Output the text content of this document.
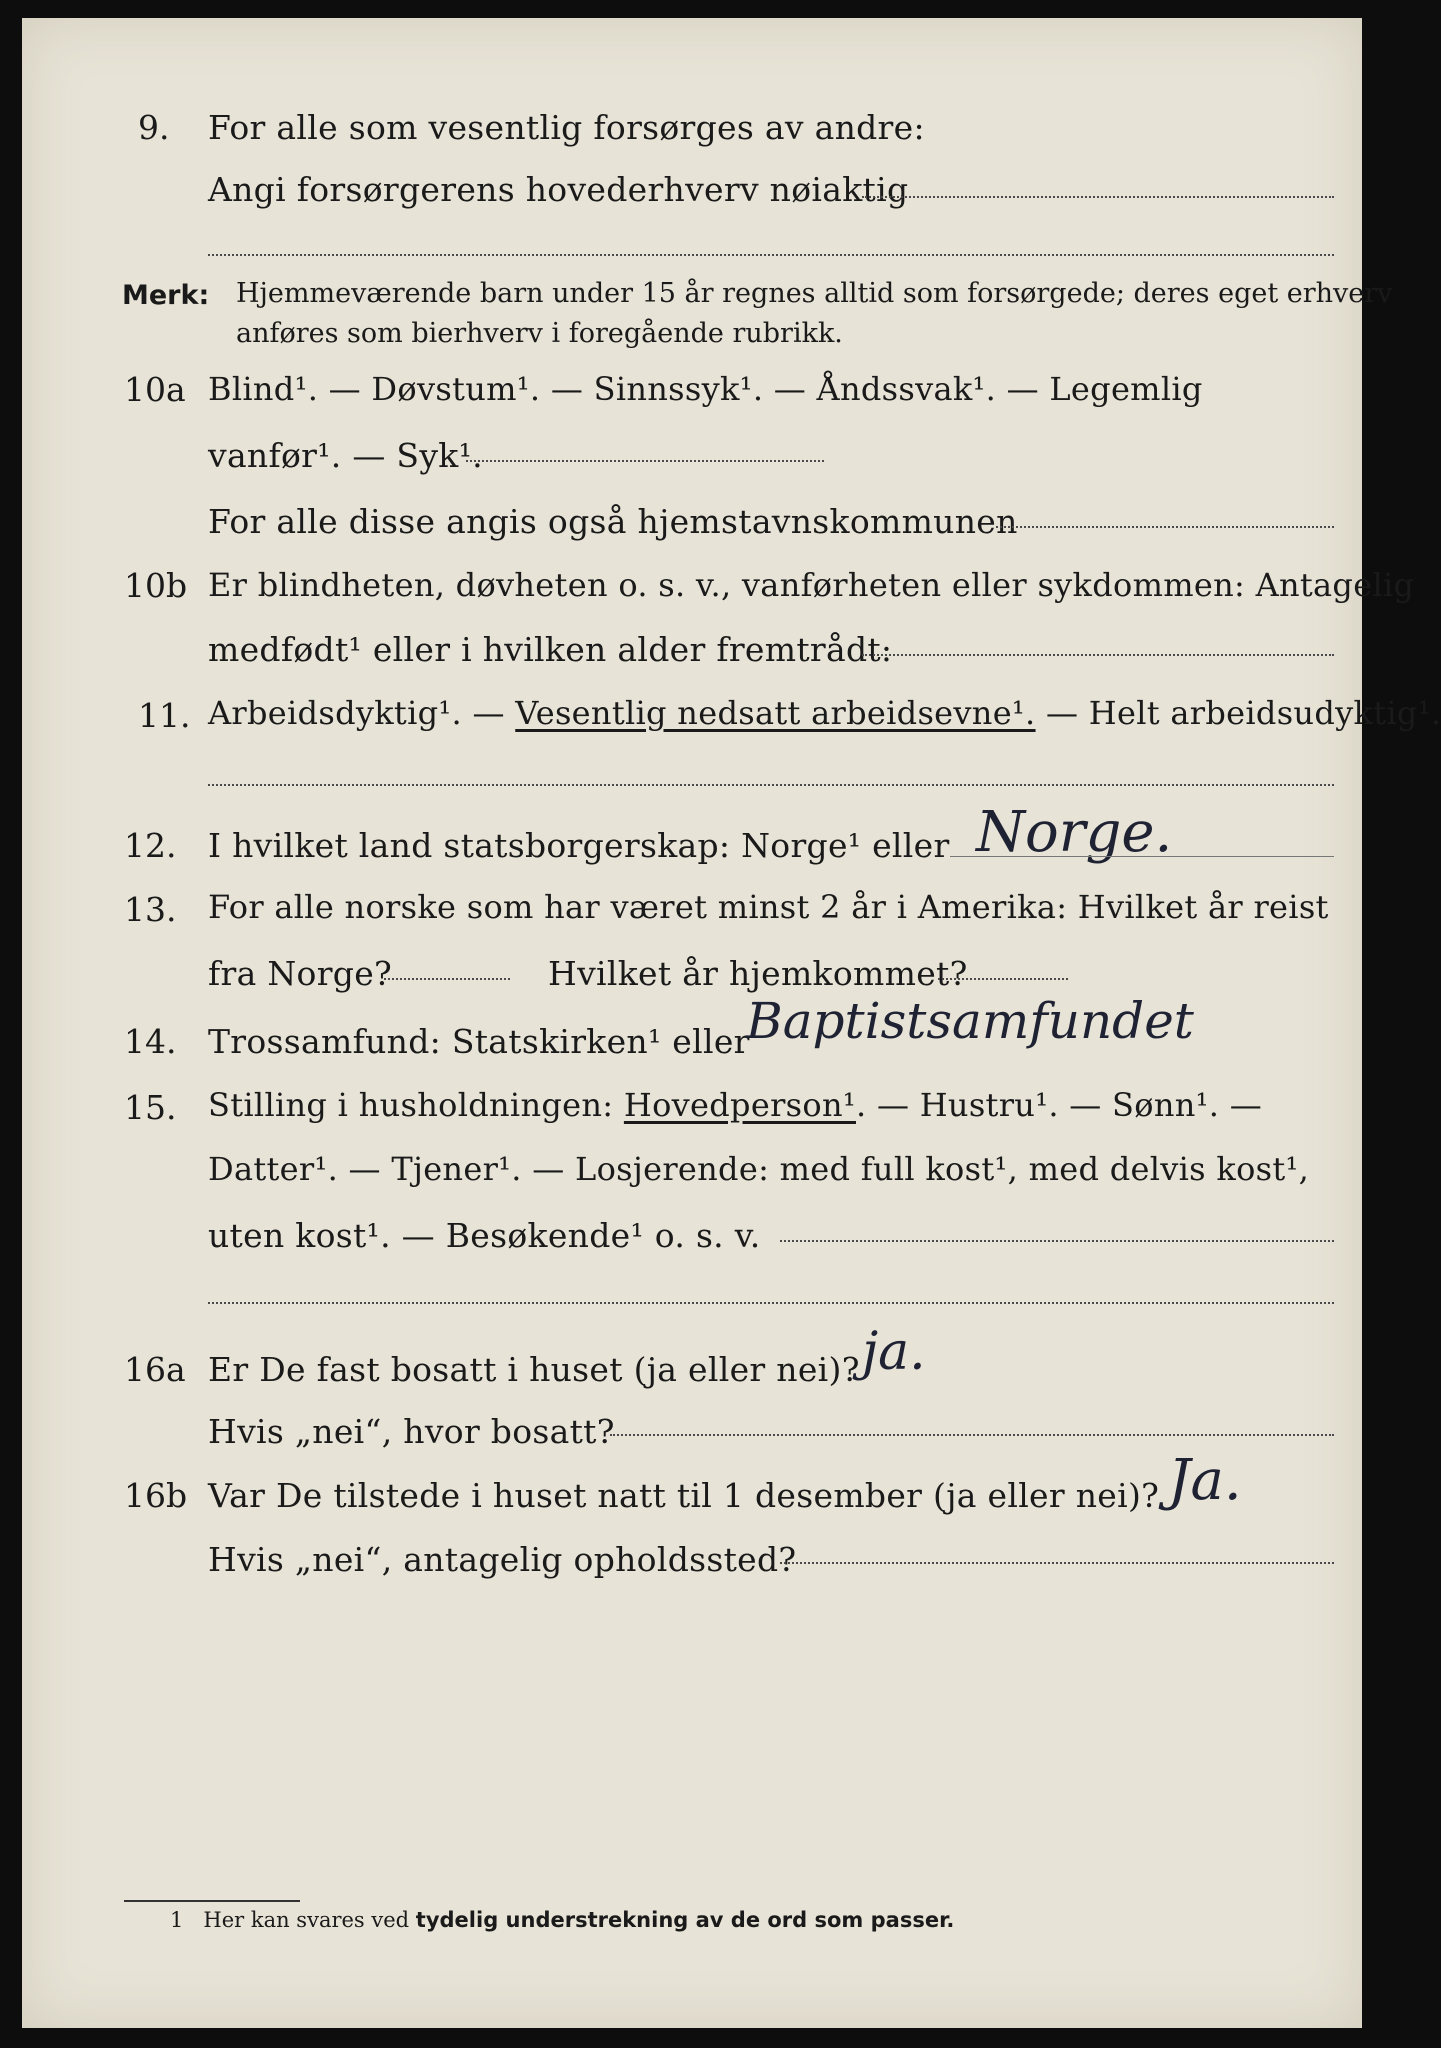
9. For alle som vesentlig forsørges av andre:
Angi forsørgerens hovederhverv nøiaktig
Merk: Hjemmeværende barn under 15 år regnes alltid som forsørgede; deres eget erhverv
anføres som bierhverv i foregående rubrikk.
10a Blind¹. — Døvstum¹. — Sinnssyk¹. — Åndssvak¹. — Legemlig
vanfør¹. — Syk¹.
For alle disse angis også hjemstavnskommunen
10b Er blindheten, døvheten o. s. v., vanførheten eller sykdommen: Antagelig
medfødt¹ eller i hvilken alder fremtrådt:
11. Arbeidsdyktig¹. — Vesentlig nedsatt arbeidsevne¹. — Helt arbeidsudyktig¹.
12. I hvilket land statsborgerskap: Norge¹ eller Norge.
13. For alle norske som har været minst 2 år i Amerika: Hvilket år reist
fra Norge?	Hvilket år hjemkommet?
14. Trossamfund: Statskirken¹ eller
Baptistsamfundet
15. Stilling i husholdningen: Hovedperson¹. — Hustru¹. — Sønn¹. —
Datter¹. — Tjener¹. — Losjerende: med full kost¹, med delvis kost¹,
uten kost¹. — Besøkende¹ o. s. v.
16a Er De fast bosatt i huset (ja eller nei)? ja.
Hvis „nei“, hvor bosatt?
16b Var De tilstede i huset natt til 1 desember (ja eller nei)? Ja.
Hvis „nei“, antagelig opholdssted?
1 Her kan svares ved tydelig understrekning av de ord som passer.
